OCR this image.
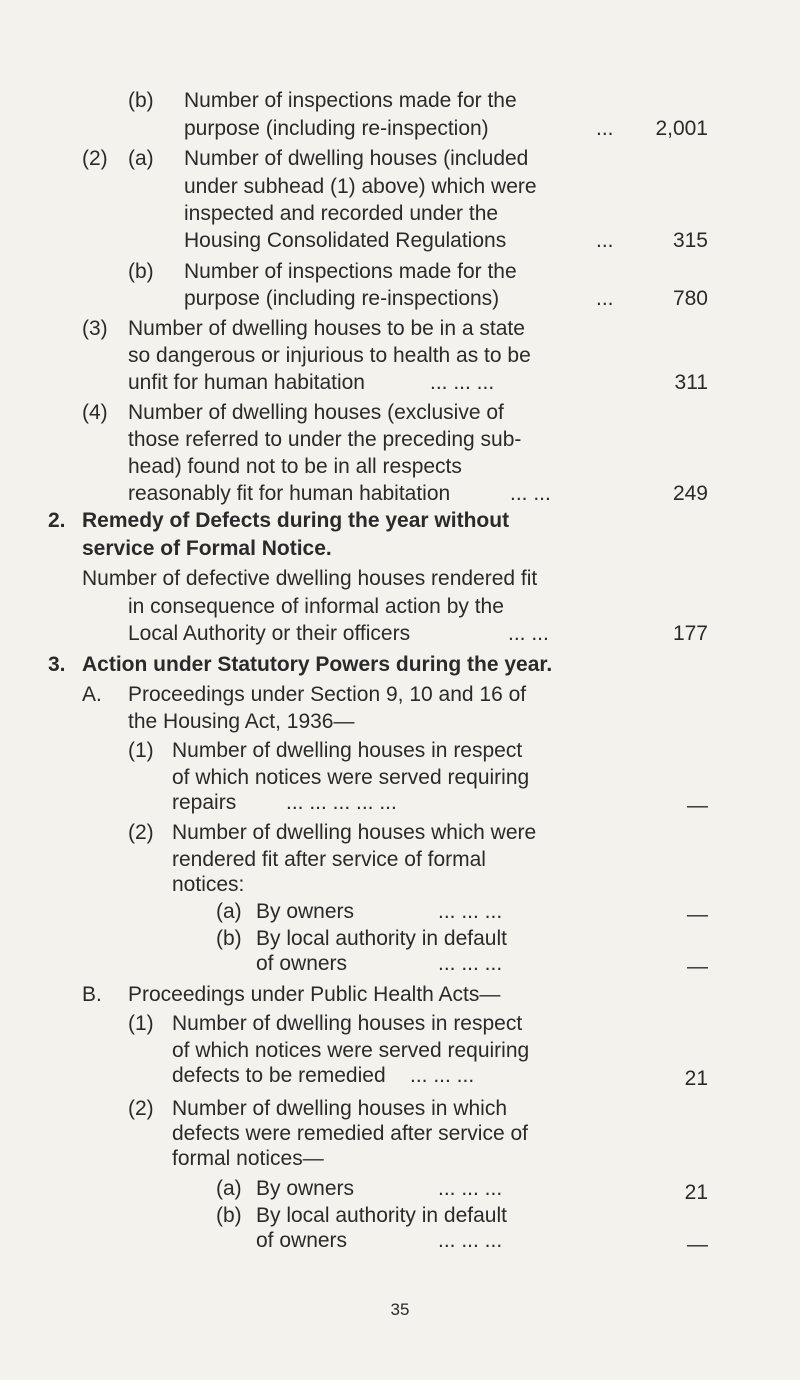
(b) Number of inspections made for the
purpose (including re-inspection)	... 2,001
(2) (a) Number of dwelling houses (included
under subhead (1) above) which were
inspected and recorded under the
Housing Consolidated Regulations	...	315
(b) Number of inspections made for the
purpose (including re-inspections)	...	780
(3) Number of dwelling houses to be in a state
so dangerous or injurious to health as to be
unfit for human habitation	... ... ...	311
(4) Number of dwelling houses (exclusive of
those referred to under the preceding sub-
head) found not to be in all respects
reasonably fit for human habitation	... ...	249
2. Remedy of Defects during the year without
service of Formal Notice.
Number of defective dwelling houses rendered fit
in consequence of informal action by the
Local Authority or their officers	... ...	177
3. Action under Statutory Powers during the year.
A. Proceedings under Section 9, 10 and 16 of
the Housing Act, 1936—
(1) Number of dwelling houses in respect
of which notices were served requiring
repairs ... ... ... ... ...	—
(2) Number of dwelling houses which were
rendered fit after service of formal
notices:
(a) By owners	... ... ...	—
(b) By local authority in default
of owners	... ... ...	—
B. Proceedings under Public Health Acts—
(1) Number of dwelling houses in respect
of which notices were served requiring
defects to be remedied ... ... ...	21
(2) Number of dwelling houses in which
defects were remedied after service of
formal notices—
(a) By owners	... ... ...	21
(b) By local authority in default
of owners	... ... ...	—
35
